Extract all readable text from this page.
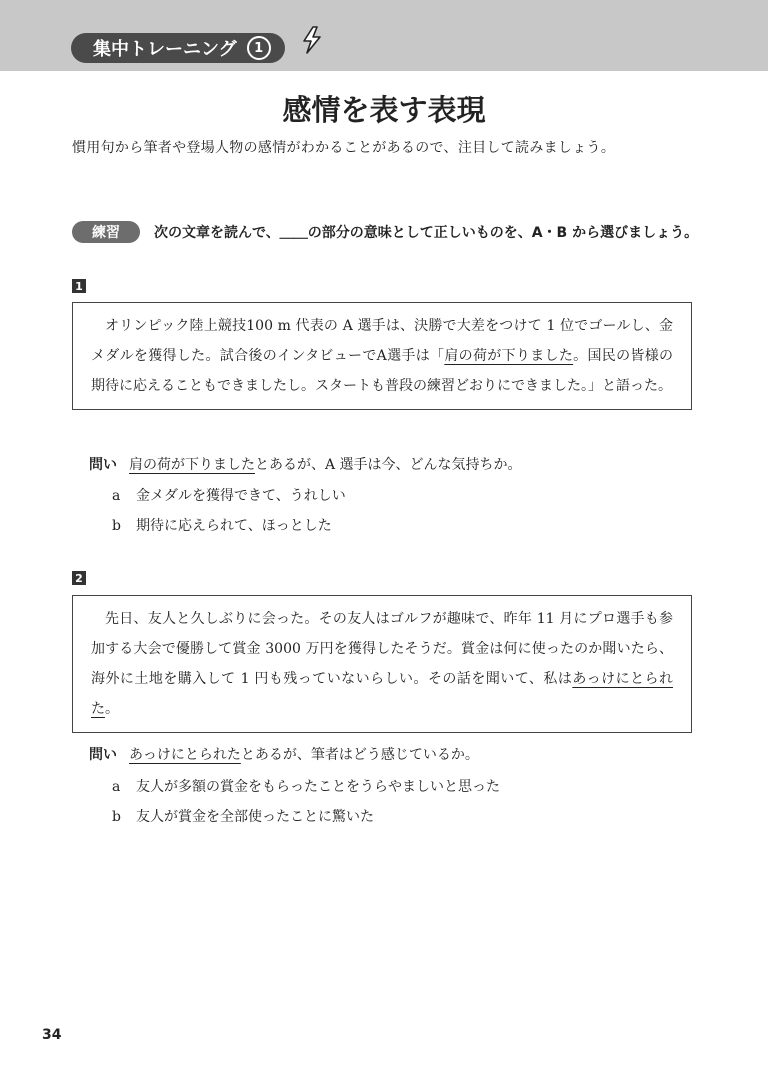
集中トレーニング	1
感情を表す表現
慣用句から筆者や登場人物の感情がわかることがあるので、注目して読みましょう。
練習	次の文章を読んで、＿＿の部分の意味として正しいものを、A・B から選びましょう。
1

オリンピック陸上競技100 m 代表の A 選手は、決勝で大差をつけて 1 位でゴールし、金メダルを獲得した。試合後のインタビューでA選手は「肩の荷が下りました。国民の皆様の期待に応えることもできましたし。スタートも普段の練習どおりにできました。」と語った。

問い 肩の荷が下りましたとあるが、A 選手は今、どんな気持ちか。
a 金メダルを獲得できて、うれしい
b 期待に応えられて、ほっとした
2

先日、友人と久しぶりに会った。その友人はゴルフが趣味で、昨年 11 月にプロ選手も参加する大会で優勝して賞金 3000 万円を獲得したそうだ。賞金は何に使ったのか聞いたら、海外に土地を購入して 1 円も残っていないらしい。その話を聞いて、私はあっけにとられた。

問い あっけにとられたとあるが、筆者はどう感じているか。
a 友人が多額の賞金をもらったことをうらやましいと思った
b 友人が賞金を全部使ったことに驚いた
34
